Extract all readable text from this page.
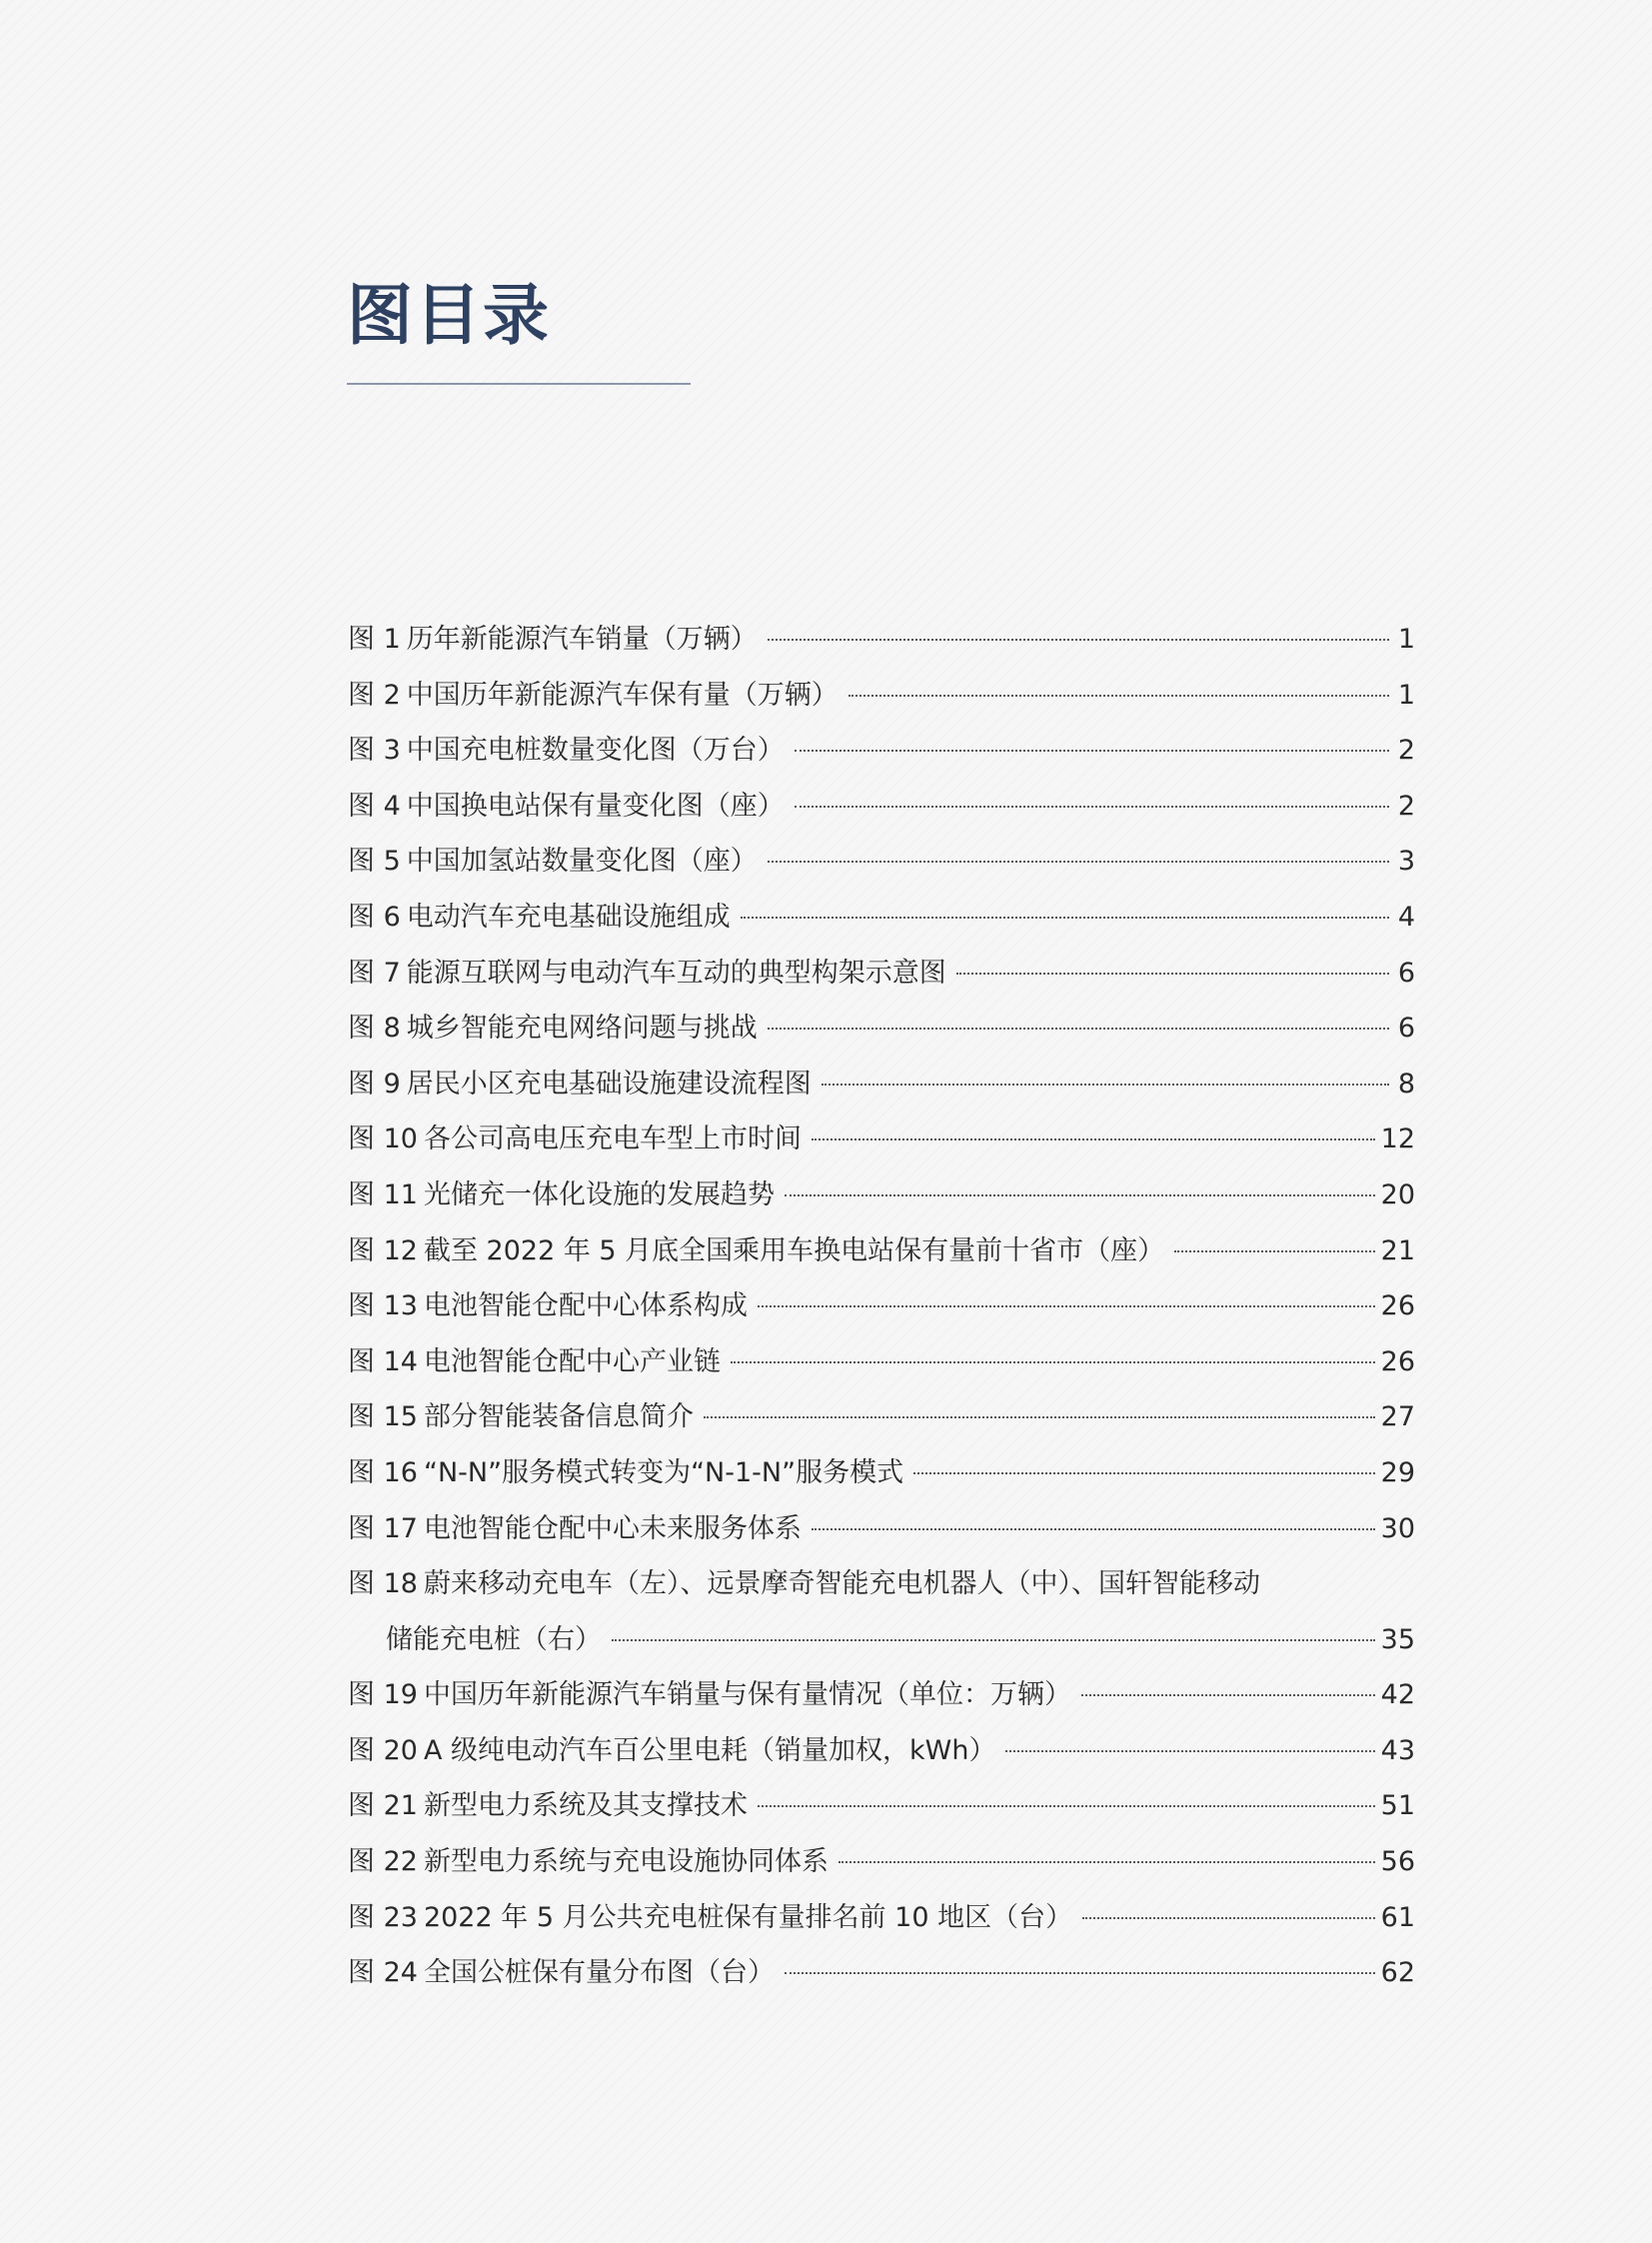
图目录
图 1 历年新能源汽车销量（万辆）	1
图 2 中国历年新能源汽车保有量（万辆）	1
图 3 中国充电桩数量变化图（万台）	2
图 4 中国换电站保有量变化图（座）	2
图 5 中国加氢站数量变化图（座）	3
图 6 电动汽车充电基础设施组成	4
图 7 能源互联网与电动汽车互动的典型构架示意图	6
图 8 城乡智能充电网络问题与挑战	6
图 9 居民小区充电基础设施建设流程图	8
图 10 各公司高电压充电车型上市时间	12
图 11 光储充一体化设施的发展趋势	20
图 12 截至 2022 年 5 月底全国乘用车换电站保有量前十省市（座）	21
图 13 电池智能仓配中心体系构成	26
图 14 电池智能仓配中心产业链	26
图 15 部分智能装备信息简介	27
图 16 “N-N”服务模式转变为“N-1-N”服务模式	29
图 17 电池智能仓配中心未来服务体系	30
图 18 蔚来移动充电车（左）、远景摩奇智能充电机器人（中）、国轩智能移动
储能充电桩（右）	35
图 19 中国历年新能源汽车销量与保有量情况（单位：万辆）	42
图 20 A 级纯电动汽车百公里电耗（销量加权，kWh）	43
图 21 新型电力系统及其支撑技术	51
图 22 新型电力系统与充电设施协同体系	56
图 23 2022 年 5 月公共充电桩保有量排名前 10 地区（台）	61
图 24 全国公桩保有量分布图（台）	62
